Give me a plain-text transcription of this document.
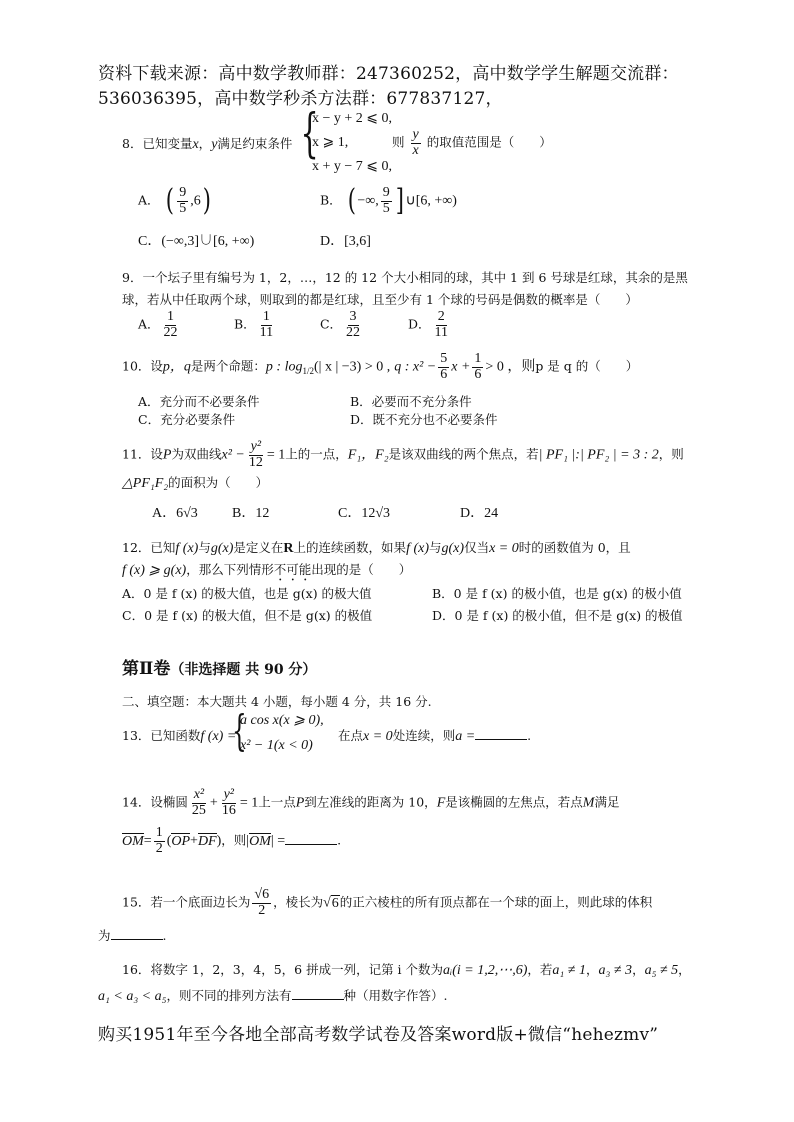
资料下载来源：高中数学教师群：247360252，高中数学学生解题交流群：
536036395，高中数学秒杀方法群：677837127，
8．已知变量x，y满足约束条件 {
x − y + 2 ⩽ 0,
x ⩾ 1,
x + y − 7 ⩽ 0,
则 $\frac{y}{x}$ 的取值范围是（　　）
A． ( $\frac{9}{5} ,6$)	B． ( −∞, $\frac{9}{5}$ ] ∪[6, +∞)
C．(−∞,3]∪[6, +∞)	D．[3,6]
9．一个坛子里有编号为 1，2，…，12 的 12 个大小相同的球，其中 1 到 6 号球是红球，其余的是黑
球，若从中任取两个球，则取到的都是红球，且至少有 1 个球的号码是偶数的概率是（　　）
A． $\frac{1}{22}$	B． $\frac{1}{11}$	C． $\frac{3}{22}$	D． $\frac{2}{11}$
10．设p，q是两个命题：p : $\log_{1/2}(|$ x | −3) > 0 , q : $x^2 - \frac{5}{6}$ $x + \frac{1}{6} > 0$ ，则p 是 q 的（　　）
A．充分而不必要条件	B．必要而不充分条件
C．充分必要条件	D．既不充分也不必要条件
11．设P为双曲线$x^2 - \frac{\text{y²}}{12} = 1$上的一点，F₁，F₂是该双曲线的两个焦点，若| PF₁ |:| PF₂ | = 3 : 2，则
△PF₁F₂的面积为（　　）
A．6√3 B．12	C．12√3	D．24
12．已知f (x)与g(x)是定义在R上的连续函数，如果f (x)与g(x)仅当x = 0时的函数值为 0，且
f (x) ⩾ g(x)，那么下列情形不可能出现的是（　　）
A．0 是 f (x) 的极大值，也是 g(x) 的极大值	B．0 是 f (x) 的极小值，也是 g(x) 的极小值
C．0 是 f (x) 的极大值，但不是 g(x) 的极值	D．0 是 f (x) 的极小值，但不是 g(x) 的极值
第Ⅱ卷（非选择题 共 90 分）
二、填空题：本大题共 4 小题，每小题 4 分，共 16 分.
13．已知函数f (x) =
{
a cos x(x ⩾ 0),
x² − 1(x < 0)
在点x = 0处连续，则a =	.
14．设椭圆 $\frac{\text{x²}}{25} + \frac{\text{y²}}{16} = 1$上一点P到左准线的距离为 10，F是该椭圆的左焦点，若点M满足
$OM= \frac{1}{2} (OP+DF)$，则|OM| =	.
15．若一个底面边长为 $\frac{√6}{2}$ ，棱长为√6的正六棱柱的所有顶点都在一个球的面上，则此球的体积
为	.
16．将数字 1，2，3，4，5，6 拼成一列，记第 i 个数为aᵢ(i = 1,2,⋯,6)，若a₁ ≠ 1，a₃ ≠ 3，a₅ ≠ 5，
a₁ < a₃ < a₅，则不同的排列方法有	种（用数字作答）.
购买1951年至今各地全部高考数学试卷及答案word版+微信“hehezmv”
